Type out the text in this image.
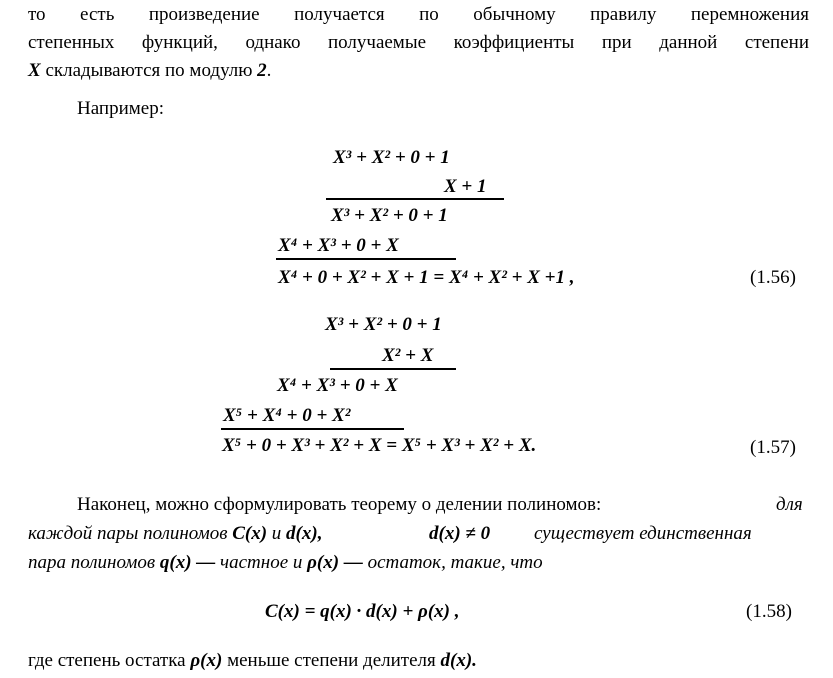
то есть произведение получается по обычному правилу перемножения
степенных функций, однако получаемые коэффициенты при данной степени
X складываются по модулю 2.
Например:
X³ + X² + 0 + 1
X + 1
X³ + X² + 0 + 1
X⁴ + X³ + 0 + X
X⁴ + 0 + X² + X + 1 = X⁴ + X² + X +1 ,	(1.56)
X³ + X² + 0 + 1
X² + X
X⁴ + X³ + 0 + X
X⁵ + X⁴ + 0 + X²
X⁵ + 0 + X³ + X² + X = X⁵ + X³ + X² + X.	(1.57)
Наконец, можно сформулировать теорему о делении полиномов:	для
каждой пары полиномов C(x) и d(x),	d(x) ≠ 0 существует единственная
пара полиномов q(x) — частное и ρ(x) — остаток, такие, что
C(x) = q(x) · d(x) + ρ(x) ,	(1.58)
где степень остатка ρ(x) меньше степени делителя d(x).
